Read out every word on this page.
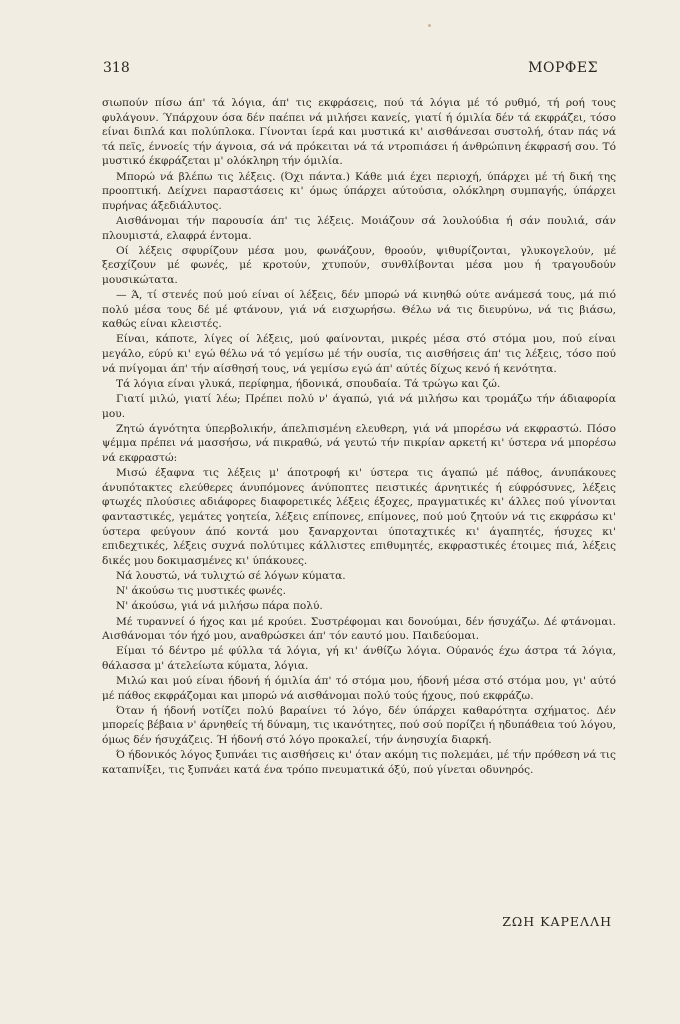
318	ΜΟΡΦΕΣ

σιωπούν πίσω άπ' τά λόγια, άπ' τις εκφράσεις, πού τά λόγια μέ τό ρυθμό, τή ροή τους φυλάγουν. Ύπάρχουν όσα δέν παέπει νά μιλήσει κανείς, γιατί ή όμιλία δέν τά εκφράζει, τόσο είναι διπλά και πολύπλοκα. Γίνονται ίερά και μυστικά κι' αισθάνεσαι συστολή, όταν πάς νά τά πεϊς, έννοείς τήν άγνοια, σά νά πρόκειται νά τά ντροπιάσει ή άνθρώπινη έκφρασή σου. Τό μυστικό έκφράζεται μ' ολόκληρη τήν όμιλία.

Μπορώ νά βλέπω τις λέξεις. (Όχι πάντα.) Κάθε μιά έχει περιοχή, ύπάρχει μέ τή δική της προοπτική. Δείχνει παραστάσεις κι' όμως ύπάρχει αύτούσια, ολόκληρη συμπαγής, ύπάρχει πυρήνας άξεδιάλυτος.

Αισθάνομαι τήν παρουσία άπ' τις λέξεις. Μοιάζουν σά λουλούδια ή σάν πουλιά, σάν πλουμιστά, ελαφρά έντομα.

Οί λέξεις σφυρίζουν μέσα μου, φωνάζουν, θροούν, ψιθυρίζονται, γλυκογελούν, μέ ξεσχίζουν μέ φωνές, μέ κροτούν, χτυπούν, συνθλίβονται μέσα μου ή τραγουδούν μουσικώτατα.

— Ά, τί στενές πού μού είναι οί λέξεις, δέν μπορώ νά κινηθώ ούτε ανάμεσά τους, μά πιό πολύ μέσα τους δέ μέ φτάνουν, γιά νά εισχωρήσω. Θέλω νά τις διευρύνω, νά τις βιάσω, καθώς είναι κλειστές.

Είναι, κάποτε, λίγες οί λέξεις, μού φαίνονται, μικρές μέσα στό στόμα μου, πού είναι μεγάλο, εύρύ κι' εγώ θέλω νά τό γεμίσω μέ τήν ουσία, τις αισθήσεις άπ' τις λέξεις, τόσο πού νά πνίγομαι άπ' τήν αίσθησή τους, νά γεμίσω εγώ άπ' αύτές δίχως κενό ή κενότητα.

Τά λόγια είναι γλυκά, περίφημα, ήδονικά, σπουδαία. Τά τρώγω και ζώ.

Γιατί μιλώ, γιατί λέω; Πρέπει πολύ ν' άγαπώ, γιά νά μιλήσω και τρομάζω τήν άδιαφορία μου.

Ζητώ άγνότητα ύπερβολικήν, άπελπισμένη ελευθερη, γιά νά μπορέσω νά εκφραστώ. Πόσο ψέμμα πρέπει νά μασσήσω, νά πικραθώ, νά γευτώ τήν πικρίαν αρκετή κι' ύστερα νά μπορέσω νά εκφραστώ:

Μισώ έξαφνα τις λέξεις μ' άποτροφή κι' ύστερα τις άγαπώ μέ πάθος, άνυπάκουες άνυπότακτες ελεύθερες άνυπόμονες άνύποπτες πειστικές άρνητικές ή εύφρόσυνες, λέξεις φτωχές πλούσιες αδιάφορες διαφορετικές λέξεις έξοχες, πραγματικές κι' άλλες πού γίνονται φανταστικές, γεμάτες γοητεία, λέξεις επίπονες, επίμονες, πού μού ζητούν νά τις εκφράσω κι' ύστερα φεύγουν άπό κοντά μου ξαναρχονται ύποταχτικές κι' άγαπητές, ήσυχες κι' επιδεχτικές, λέξεις συχνά πολύτιμες κάλλιστες επιθυμητές, εκφραστικές έτοιμες πιά, λέξεις δικές μου δοκιμασμένες κι' ύπάκουες.

Νά λουστώ, νά τυλιχτώ σέ λόγων κύματα.

Ν' άκούσω τις μυστικές φωνές.

Ν' άκούσω, γιά νά μιλήσω πάρα πολύ.

Μέ τυραννεί ό ήχος και μέ κρούει. Συστρέφομαι και δονούμαι, δέν ήσυχάζω. Δέ φτάνομαι. Αισθάνομαι τόν ήχό μου, αναθρώσκει άπ' τόν εαυτό μου. Παιδεύομαι.

Είμαι τό δέντρο μέ φύλλα τά λόγια, γή κι' άνθίζω λόγια. Ούρανός έχω άστρα τά λόγια, θάλασσα μ' άτελείωτα κύματα, λόγια.

Μιλώ και μού είναι ήδονή ή όμιλία άπ' τό στόμα μου, ήδονή μέσα στό στόμα μου, γι' αύτό μέ πάθος εκφράζομαι και μπορώ νά αισθάνομαι πολύ τούς ήχους, πού εκφράζω.

Όταν ή ήδονή νοτίζει πολύ βαραίνει τό λόγο, δέν ύπάρχει καθαρότητα σχήματος. Δέν μπορείς βέβαια ν' άρνηθείς τή δύναμη, τις ικανότητες, πού σού πορίζει ή ηδυπάθεια τού λόγου, όμως δέν ήσυχάζεις. Ή ήδονή στό λόγο προκαλεί, τήν άνησυχία διαρκή.

Ό ήδονικός λόγος ξυπνάει τις αισθήσεις κι' όταν ακόμη τις πολεμάει, μέ τήν πρόθεση νά τις καταπνίξει, τις ξυπνάει κατά ένα τρόπο πνευματικά όξύ, πού γίνεται οδυνηρός.

ΖΩΗ ΚΑΡΕΛΛΗ
